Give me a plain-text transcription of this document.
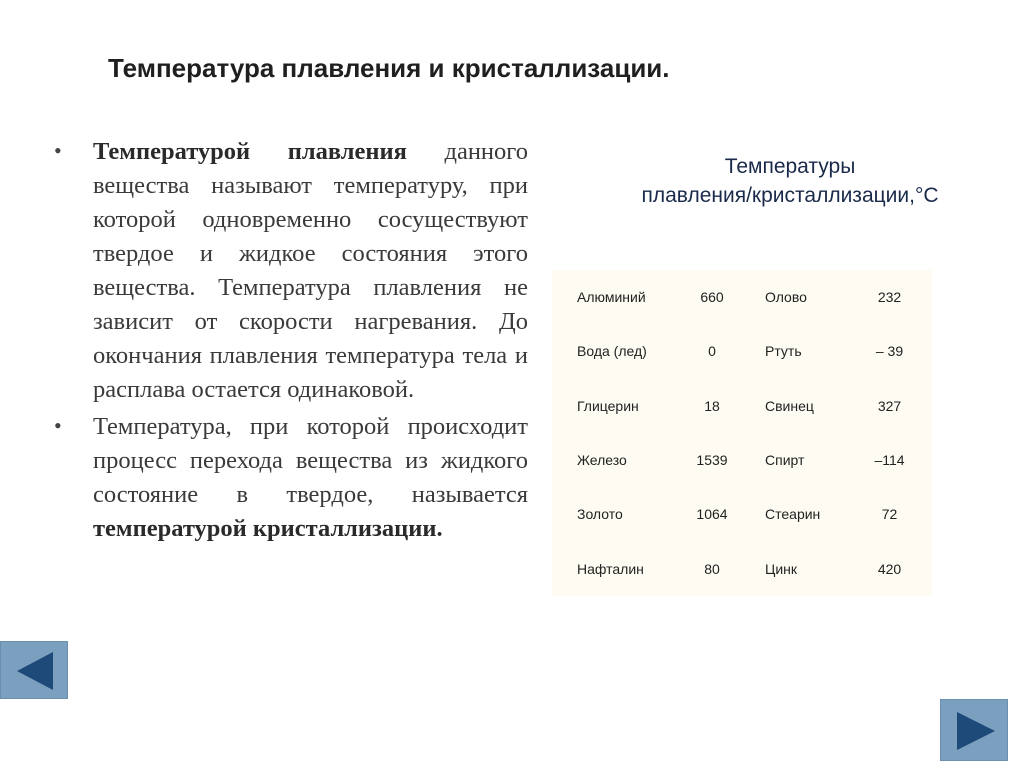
Температура плавления и кристаллизации.
• Температурой плавления данного вещества называют температуру, при которой одновременно сосуществуют твердое и жидкое состояния этого вещества. Температура плавления не зависит от скорости нагревания. До окончания плавления температура тела и расплава остается одинаковой.
• Температура, при которой происходит процесс перехода вещества из жидкого состояние в твердое, называется температурой кристаллизации.
Температуры
плавления/кристаллизации,°С
Алюминий	660	Олово	232
Вода (лед)	0	Ртуть	– 39
Глицерин	18	Свинец	327
Железо	1539	Спирт	–114
Золото	1064	Стеарин	72
Нафталин	80	Цинк	420
